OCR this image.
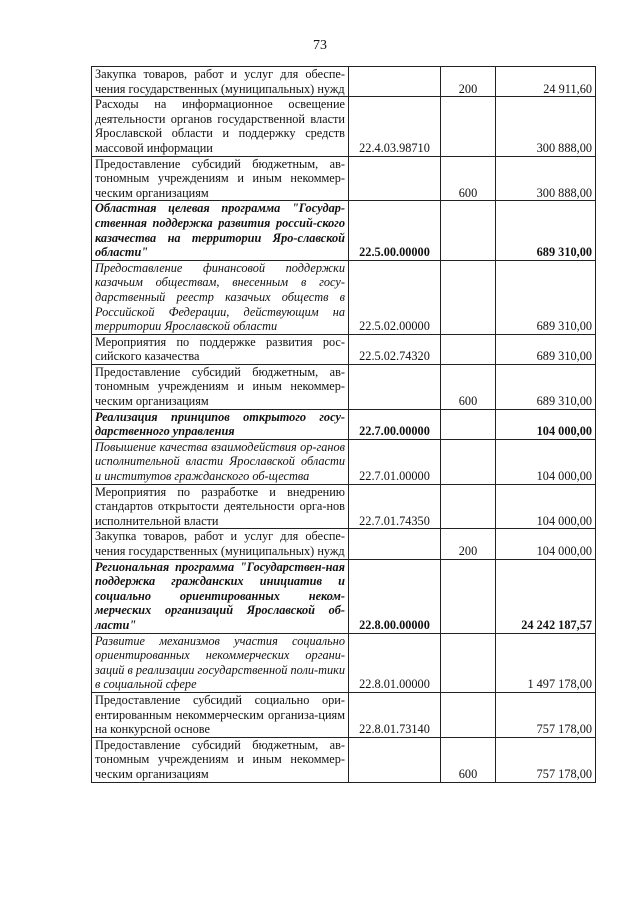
73
Закупка товаров, работ и услуг для обеспе-чения государственных (муниципальных) нужд		200	24 911,60
Расходы на информационное освещение деятельности органов государственной власти Ярославской области и поддержку средств массовой информации	22.4.03.98710		300 888,00
Предоставление субсидий бюджетным, ав-тономным учреждениям и иным некоммер-ческим организациям		600	300 888,00
Областная целевая программа "Государ-ственная поддержка развития россий-ского казачества на территории Яро-славской области"	22.5.00.00000		689 310,00
Предоставление финансовой поддержки казачьим обществам, внесенным в госу-дарственный реестр казачьих обществ в Российской Федерации, действующим на территории Ярославской области	22.5.02.00000		689 310,00
Мероприятия по поддержке развития рос-сийского казачества	22.5.02.74320		689 310,00
Предоставление субсидий бюджетным, ав-тономным учреждениям и иным некоммер-ческим организациям		600	689 310,00
Реализация принципов открытого госу-дарственного управления	22.7.00.00000		104 000,00
Повышение качества взаимодействия ор-ганов исполнительной власти Ярославской области и институтов гражданского об-щества	22.7.01.00000		104 000,00
Мероприятия по разработке и внедрению стандартов открытости деятельности орга-нов исполнительной власти	22.7.01.74350		104 000,00
Закупка товаров, работ и услуг для обеспе-чения государственных (муниципальных) нужд		200	104 000,00
Региональная программа "Государствен-ная поддержка гражданских инициатив и социально ориентированных неком-мерческих организаций Ярославской об-ласти"	22.8.00.00000		24 242 187,57
Развитие механизмов участия социально ориентированных некоммерческих органи-заций в реализации государственной поли-тики в социальной сфере	22.8.01.00000		1 497 178,00
Предоставление субсидий социально ори-ентированным некоммерческим организа-циям на конкурсной основе	22.8.01.73140		757 178,00
Предоставление субсидий бюджетным, ав-тономным учреждениям и иным некоммер-ческим организациям		600	757 178,00
